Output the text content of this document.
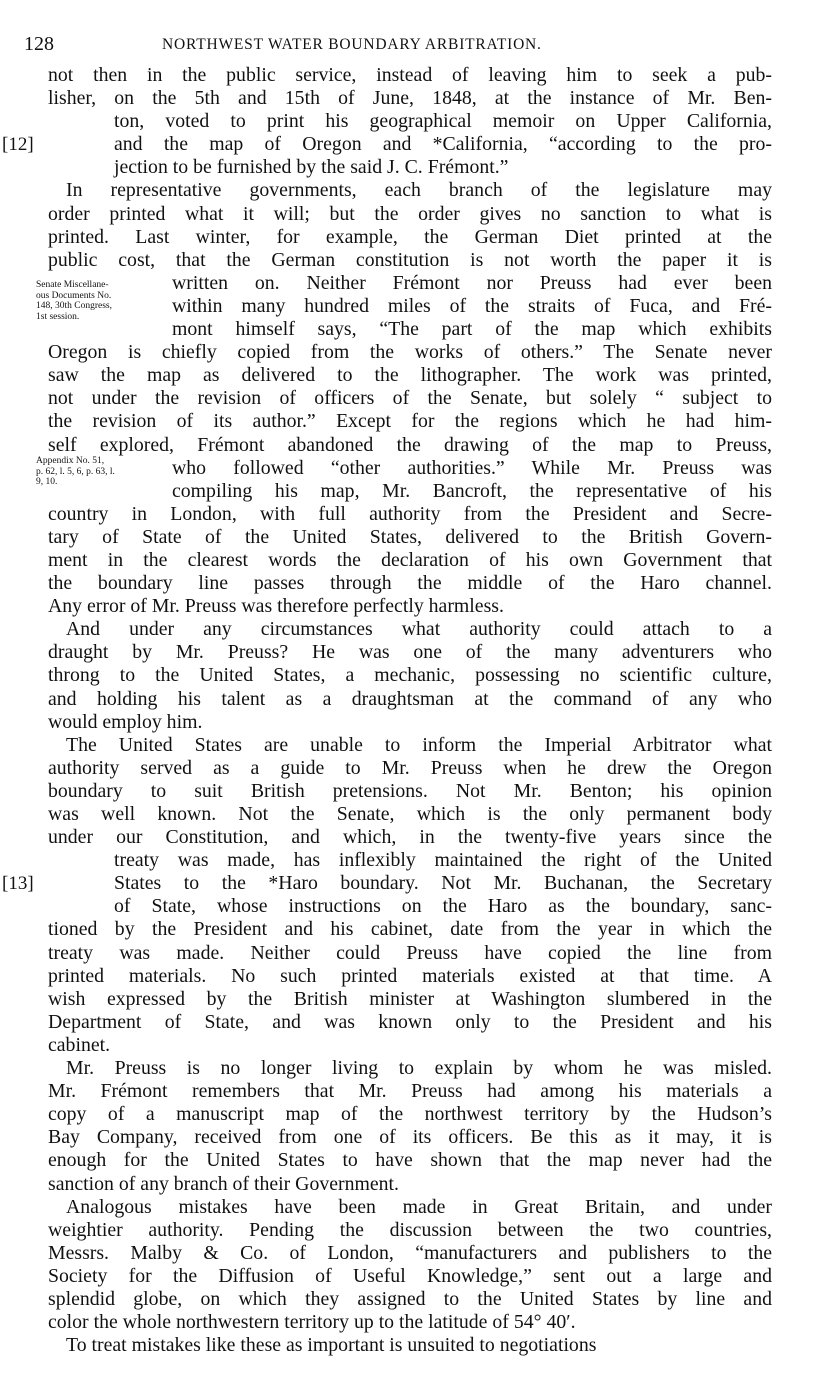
128	NORTHWEST WATER BOUNDARY ARBITRATION.
not then in the public service, instead of leaving him to seek a pub-
lisher, on the 5th and 15th of June, 1848, at the instance of Mr. Ben-
ton, voted to print his geographical memoir on Upper California,
[12]	and the map of Oregon and *California, “according to the pro-
jection to be furnished by the said J. C. Frémont.”
In representative governments, each branch of the legislature may
order printed what it will; but the order gives no sanction to what is
printed. Last winter, for example, the German Diet printed at the
public cost, that the German constitution is not worth the paper it is
written on. Neither Frémont nor Preuss had ever been
within many hundred miles of the straits of Fuca, and Fré-
mont himself says, “The part of the map which exhibits
Oregon is chiefly copied from the works of others.” The Senate never
saw the map as delivered to the lithographer. The work was printed,
not under the revision of officers of the Senate, but solely “ subject to
the revision of its author.” Except for the regions which he had him-
self explored, Frémont abandoned the drawing of the map to Preuss,
who followed “other authorities.” While Mr. Preuss was
compiling his map, Mr. Bancroft, the representative of his
country in London, with full authority from the President and Secre-
tary of State of the United States, delivered to the British Govern-
ment in the clearest words the declaration of his own Government that
the boundary line passes through the middle of the Haro channel.
Any error of Mr. Preuss was therefore perfectly harmless.
And under any circumstances what authority could attach to a
draught by Mr. Preuss? He was one of the many adventurers who
throng to the United States, a mechanic, possessing no scientific culture,
and holding his talent as a draughtsman at the command of any who
would employ him.
The United States are unable to inform the Imperial Arbitrator what
authority served as a guide to Mr. Preuss when he drew the Oregon
boundary to suit British pretensions. Not Mr. Benton; his opinion
was well known. Not the Senate, which is the only permanent body
under our Constitution, and which, in the twenty-five years since the
treaty was made, has inflexibly maintained the right of the United
[13]	States to the *Haro boundary. Not Mr. Buchanan, the Secretary
of State, whose instructions on the Haro as the boundary, sanc-
tioned by the President and his cabinet, date from the year in which the
treaty was made. Neither could Preuss have copied the line from
printed materials. No such printed materials existed at that time. A
wish expressed by the British minister at Washington slumbered in the
Department of State, and was known only to the President and his
cabinet.
Mr. Preuss is no longer living to explain by whom he was misled.
Mr. Frémont remembers that Mr. Preuss had among his materials a
copy of a manuscript map of the northwest territory by the Hudson’s
Bay Company, received from one of its officers. Be this as it may, it is
enough for the United States to have shown that the map never had the
sanction of any branch of their Government.
Analogous mistakes have been made in Great Britain, and under
weightier authority. Pending the discussion between the two countries,
Messrs. Malby & Co. of London, “manufacturers and publishers to the
Society for the Diffusion of Useful Knowledge,” sent out a large and
splendid globe, on which they assigned to the United States by line and
color the whole northwestern territory up to the latitude of 54° 40′.
To treat mistakes like these as important is unsuited to negotiations
Senate Miscellane-
ous Documents No.
148, 30th Congress,
1st session.
Appendix No. 51,
p. 62, l. 5, 6, p. 63, l.
9, 10.
